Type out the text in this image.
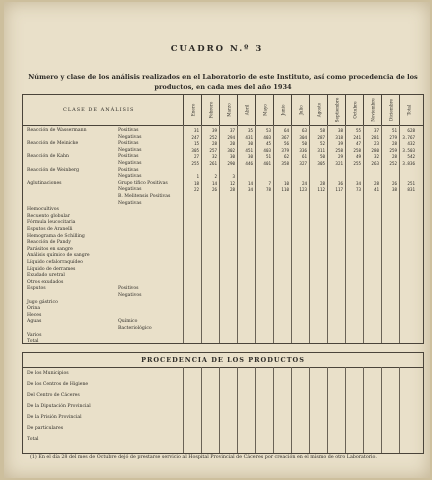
CUADRO N.º 3
Número y clase de los análisis realizados en el Laboratorio de este Instituto, así como procedencia de los productos, en cada mes del año 1934
CLASE DE ANÁLISIS	Enero	Febrero	Marzo	Abril	Mayo	Junio	Julio	Agosto	Septiembre	Octubre	Noviembre	Diciembre	Total
Reacción de Wassermann	Positivas	31	39	37	35	53	64	63	58	38	55	37	51	628
Negativas	247	252	294	431	403	367	304	287	318	241	281	279	3.767
Reacción de Meinicke	Positivas	15	28	20	30	45	56	50	52	39	47	23	28	432
Negativas	305	257	302	451	403	379	336	311	258	258	280	259	3.503
Reacción de Kahn	Positivas	27	32	30	30	51	62	61	50	29	49	32	28	542
Negativas	255	261	290	446	401	358	327	305	321	255	263	252	3.836
Reacción de Weinberg	Positivas
Negativas	1	2	3
Aglutinaciones	Grupo tífico Positivas	18	14	12	14	7	10	24	28	36	34	28	26	251
Negativas	22	26	28	34	78	110	123	112	117	73	41	38	831
B. Melitensis Positivas
Negativas
Hemocultivos
Recuento globular
Fórmula leucocitaria
Esputos de Aranelli
Hemograma de Schilling
Reacción de Pandy
Parásitos en sangre
Análisis químico de sangre
Líquido cefalorraquídeo
Líquido de derrames
Exudado uretral
Otros exudados
Esputos	Positivos
Negativos
Jugo gástrico
Orina
Heces
Aguas	Químico
Bacteriológico
Varios
Total
PROCEDENCIA DE LOS PRODUCTOS
De los Municipios
De los Centros de Higiene
Del Centro de Cáceres
De la Diputación Provincial
De la Prisión Provincial
De particulares
Total
(1) En el día 28 del mes de Octubre dejó de prestarse servicio al Hospital Provincial de Cáceres por creación en el mismo de otro Laboratorio.
